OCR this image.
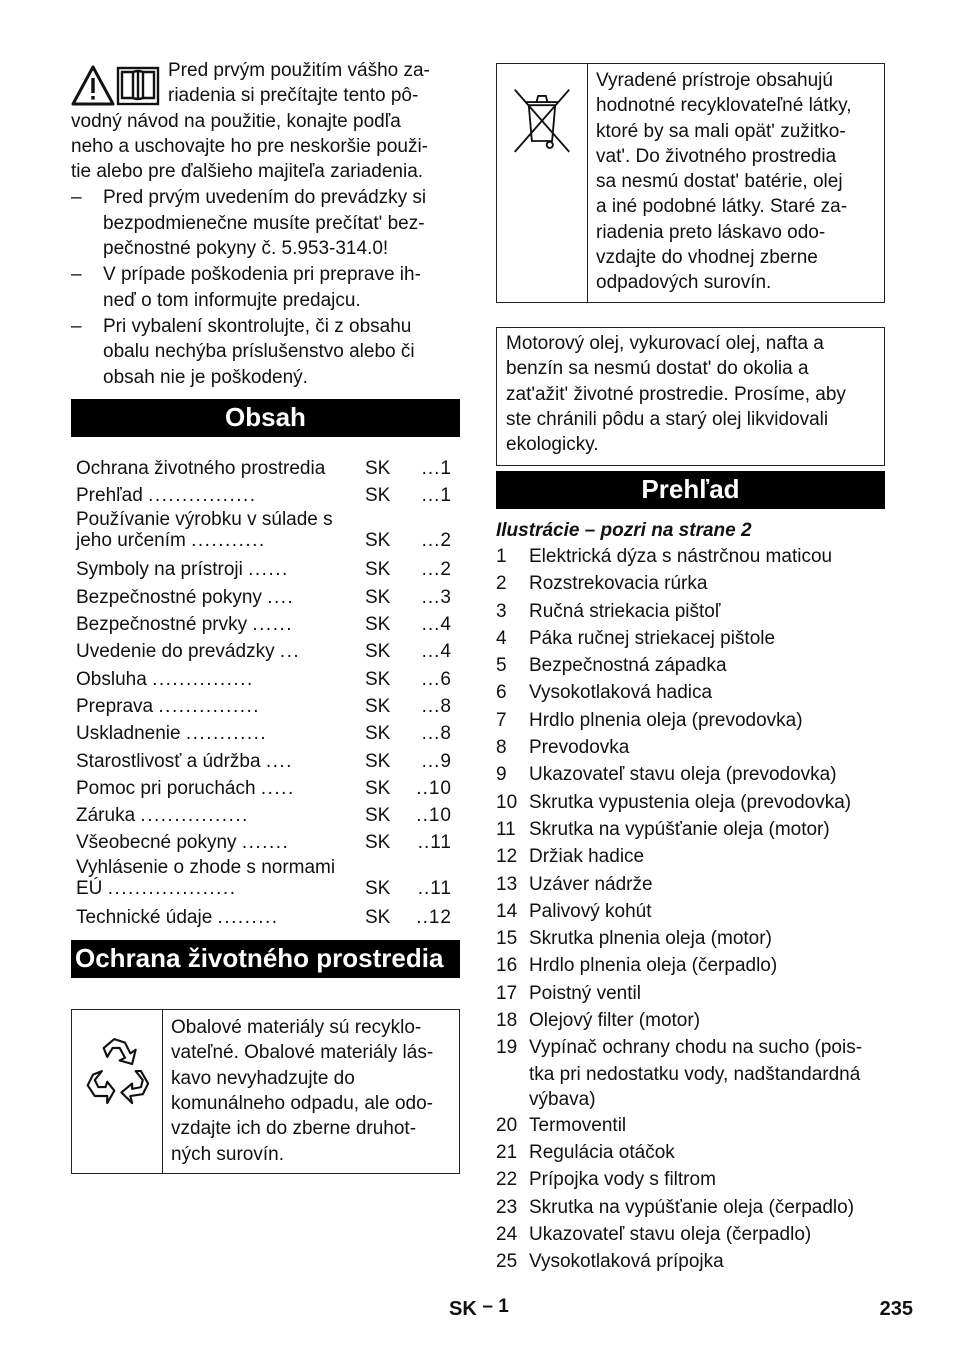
Pred prvým použitím vášho za-
riadenia si prečítajte tento pô-
vodný návod na použitie, konajte podľa
neho a uschovajte ho pre neskoršie použi-
tie alebo pre ďalšieho majiteľa zariadenia.
– Pred prvým uvedením do prevádzky si
bezpodmienečne musíte prečítat' bez-
pečnostné pokyny č. 5.953-314.0!
– V prípade poškodenia pri preprave ih-
neď o tom informujte predajcu.
– Pri vybalení skontrolujte, či z obsahu
obalu nechýba príslušenstvo alebo či
obsah nie je poškodený.
Obsah
Ochrana životného prostredia SK ...1
Prehľad ................	SK ...1
Používanie výrobku v súlade s
jeho určením ...........	SK ...2
Symboly na prístroji ......	SK ...2
Bezpečnostné pokyny ....	SK ...3
Bezpečnostné prvky ......	SK ...4
Uvedenie do prevádzky ...	SK ...4
Obsluha ...............	SK ...6
Preprava ...............	SK ...8
Uskladnenie ............	SK ...8
Starostlivosť a údržba ....	SK ...9
Pomoc pri poruchách .....	SK ..10
Záruka ................	SK ..10
Všeobecné pokyny .......	SK ..11
Vyhlásenie o zhode s normami
EÚ ...................	SK ..11
Technické údaje .........	SK ..12
Ochrana životného prostredia
Obalové materiály sú recyklo-
vateľné. Obalové materiály lás-
kavo nevyhadzujte do
komunálneho odpadu, ale odo-
vzdajte ich do zberne druhot-
ných surovín.
Vyradené prístroje obsahujú
hodnotné recyklovateľné látky,
ktoré by sa mali opät' zužitko-
vat'. Do životného prostredia
sa nesmú dostat' batérie, olej
a iné podobné látky. Staré za-
riadenia preto láskavo odo-
vzdajte do vhodnej zberne
odpadových surovín.
Motorový olej, vykurovací olej, nafta a
benzín sa nesmú dostat' do okolia a
zat'ažit' životné prostredie. Prosíme, aby
ste chránili pôdu a starý olej likvidovali
ekologicky.
Prehľad
Ilustrácie – pozri na strane 2
1	Elektrická dýza s nástrčnou maticou
2	Rozstrekovacia rúrka
3	Ručná striekacia pištoľ
4	Páka ručnej striekacej pištole
5	Bezpečnostná západka
6	Vysokotlaková hadica
7	Hrdlo plnenia oleja (prevodovka)
8	Prevodovka
9	Ukazovateľ stavu oleja (prevodovka)
10 Skrutka vypustenia oleja (prevodovka)
11 Skrutka na vypúšťanie oleja (motor)
12 Držiak hadice
13 Uzáver nádrže
14 Palivový kohút
15 Skrutka plnenia oleja (motor)
16 Hrdlo plnenia oleja (čerpadlo)
17 Poistný ventil
18 Olejový filter (motor)
19 Vypínač ochrany chodu na sucho (pois-
tka pri nedostatku vody, nadštandardná
výbava)
20 Termoventil
21 Regulácia otáčok
22 Prípojka vody s filtrom
23 Skrutka na vypúšťanie oleja (čerpadlo)
24 Ukazovateľ stavu oleja (čerpadlo)
25 Vysokotlaková prípojka
SK – 1	235
